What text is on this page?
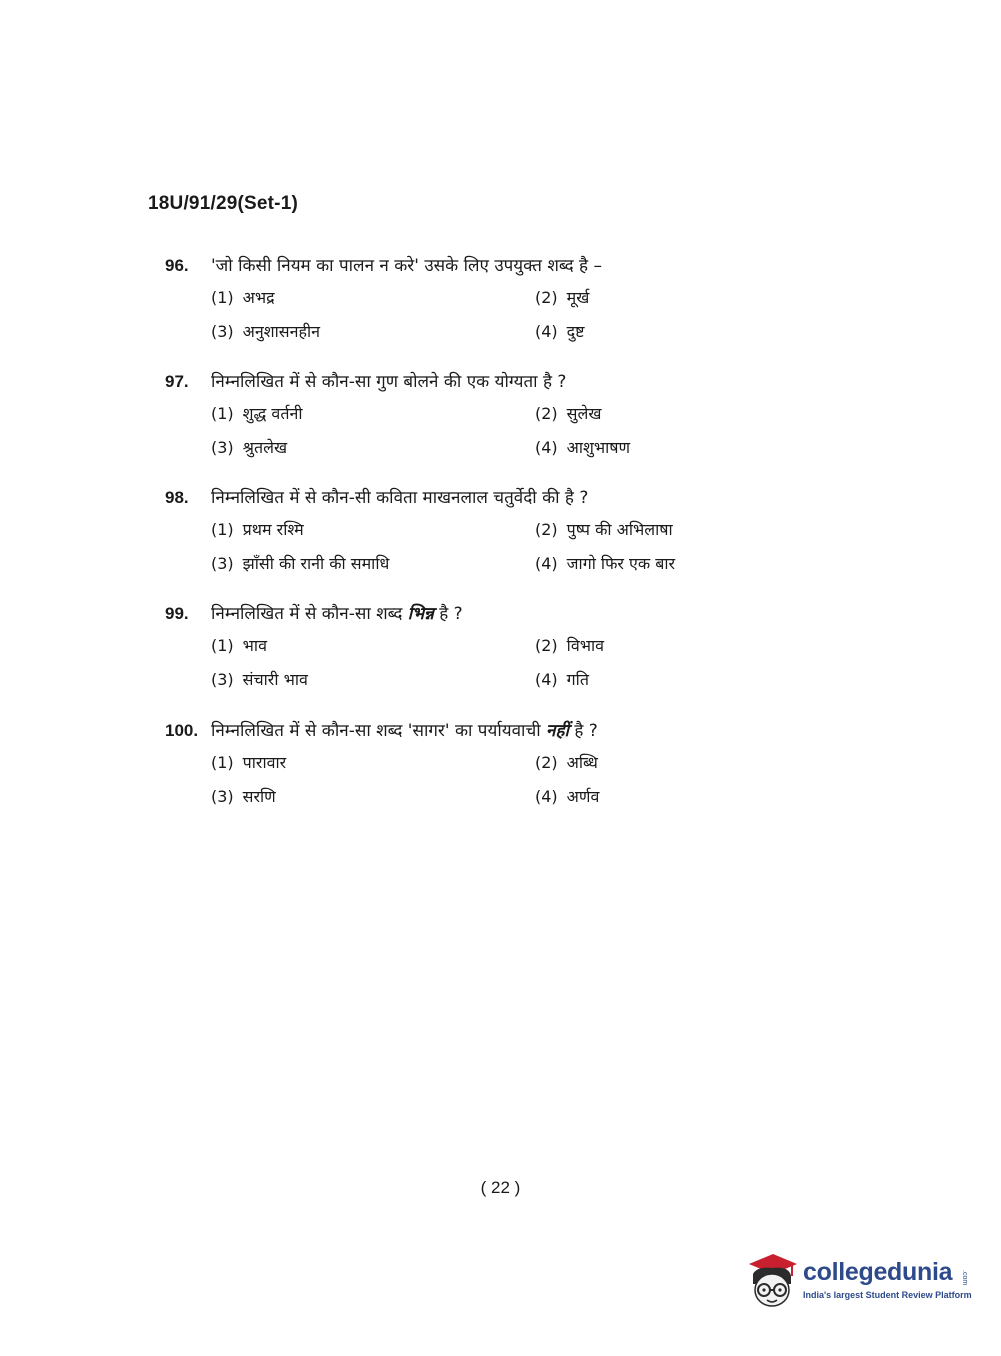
18U/91/29(Set-1)
96.	'जो किसी नियम का पालन न करे' उसके लिए उपयुक्त शब्द है –
(1) अभद्र	(2) मूर्ख
(3) अनुशासनहीन	(4) दुष्ट
97.	निम्नलिखित में से कौन-सा गुण बोलने की एक योग्यता है ?
(1) शुद्ध वर्तनी	(2) सुलेख
(3) श्रुतलेख	(4) आशुभाषण
98.	निम्नलिखित में से कौन-सी कविता माखनलाल चतुर्वेदी की है ?
(1) प्रथम रश्मि	(2) पुष्प की अभिलाषा
(3) झाँसी की रानी की समाधि	(4) जागो फिर एक बार
99.	निम्नलिखित में से कौन-सा शब्द भिन्न है ?
(1) भाव	(2) विभाव
(3) संचारी भाव	(4) गति
100. निम्नलिखित में से कौन-सा शब्द 'सागर' का पर्यायवाची नहीं है ?
(1) पारावार	(2) अब्धि
(3) सरणि	(4) अर्णव
( 22 )
collegedunia .com
India's largest Student Review Platform
